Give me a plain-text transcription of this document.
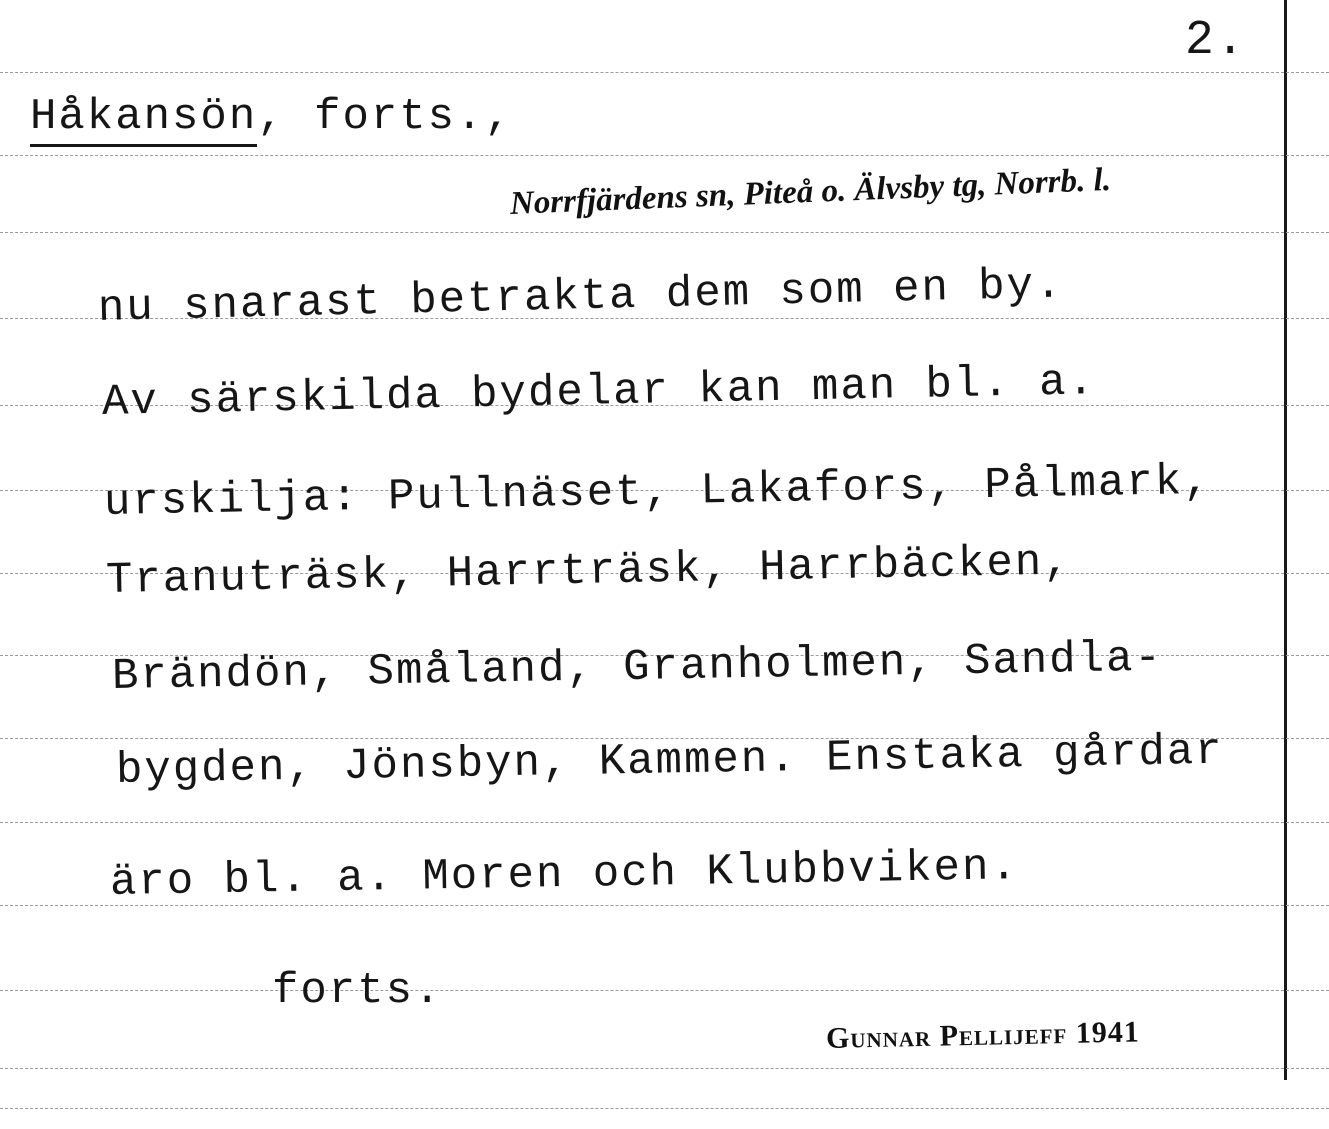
2.
Håkansön, forts.,
Norrfjärdens sn, Piteå o. Älvsby tg, Norrb. l.
nu snarast betrakta dem som en by.
Av särskilda bydelar kan man bl. a.
urskilja: Pullnäset, Lakafors, Pålmark,
Tranuträsk, Harrträsk, Harrbäcken,
Brändön, Småland, Granholmen, Sandla-
bygden, Jönsbyn, Kammen. Enstaka gårdar
äro bl. a. Moren och Klubbviken.
forts.
Gunnar Pellijeff 1941
